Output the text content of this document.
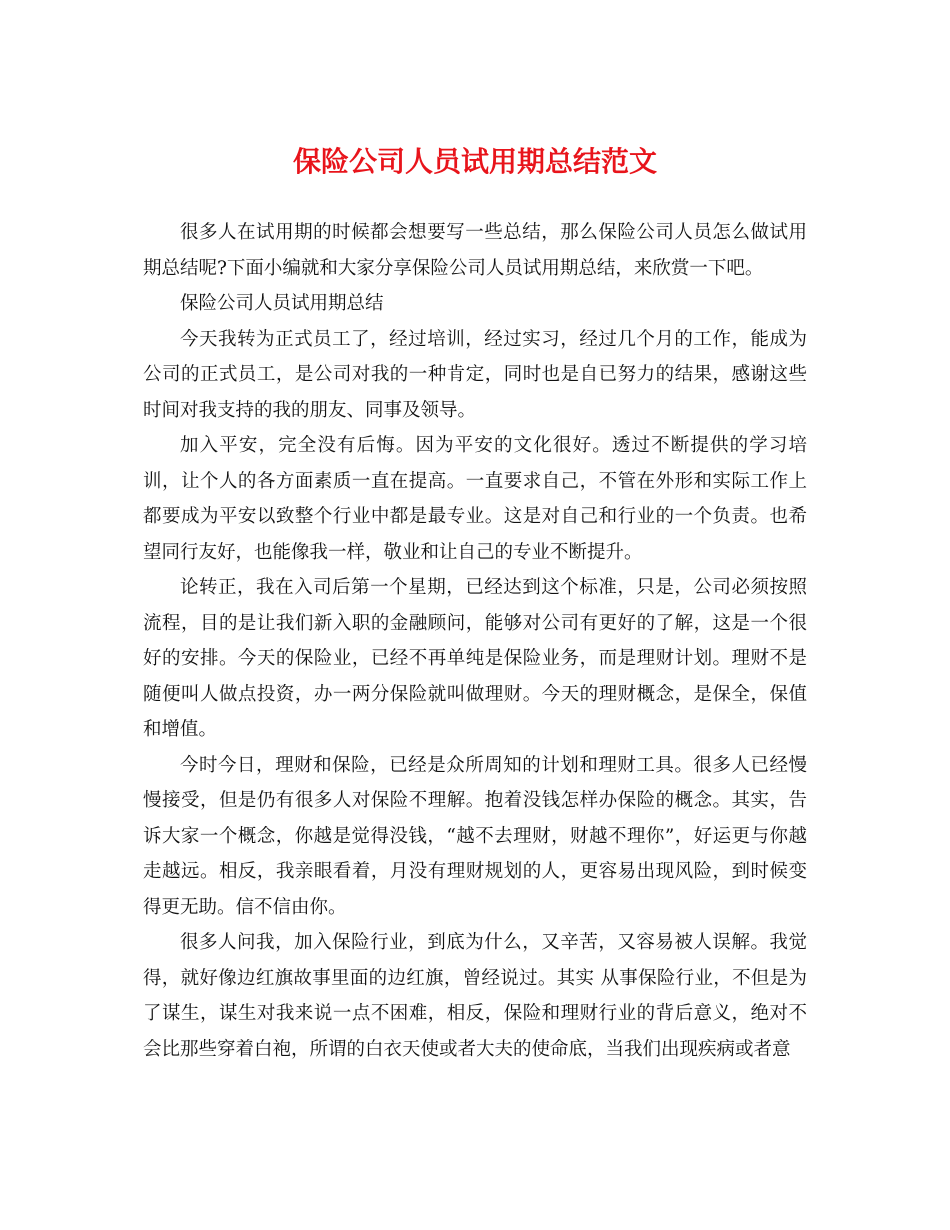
保险公司人员试用期总结范文

很多人在试用期的时候都会想要写一些总结，那么保险公司人员怎么做试用期总结呢?下面小编就和大家分享保险公司人员试用期总结，来欣赏一下吧。

保险公司人员试用期总结

今天我转为正式员工了，经过培训，经过实习，经过几个月的工作，能成为公司的正式员工，是公司对我的一种肯定，同时也是自已努力的结果，感谢这些时间对我支持的我的朋友、同事及领导。

加入平安，完全没有后悔。因为平安的文化很好。透过不断提供的学习培训，让个人的各方面素质一直在提高。一直要求自己，不管在外形和实际工作上 都要成为平安以致整个行业中都是最专业。这是对自己和行业的一个负责。也希望同行友好，也能像我一样，敬业和让自己的专业不断提升。

论转正，我在入司后第一个星期，已经达到这个标准，只是，公司必须按照流程，目的是让我们新入职的金融顾问，能够对公司有更好的了解，这是一个很好的安排。今天的保险业，已经不再单纯是保险业务，而是理财计划。理财不是随便叫人做点投资，办一两分保险就叫做理财。今天的理财概念，是保全，保值和增值。

今时今日，理财和保险，已经是众所周知的计划和理财工具。很多人已经慢慢接受，但是仍有很多人对保险不理解。抱着没钱怎样办保险的概念。其实，告诉大家一个概念，你越是觉得没钱，“越不去理财，财越不理你”，好运更与你越走越远。相反，我亲眼看着，月没有理财规划的人，更容易出现风险，到时候变得更无助。信不信由你。

很多人问我，加入保险行业，到底为什么，又辛苦，又容易被人误解。我觉得，就好像边红旗故事里面的边红旗，曾经说过。其实 从事保险行业，不但是为了谋生，谋生对我来说一点不困难，相反，保险和理财行业的背后意义，绝对不会比那些穿着白袍，所谓的白衣天使或者大夫的使命底，当我们出现疾病或者意
